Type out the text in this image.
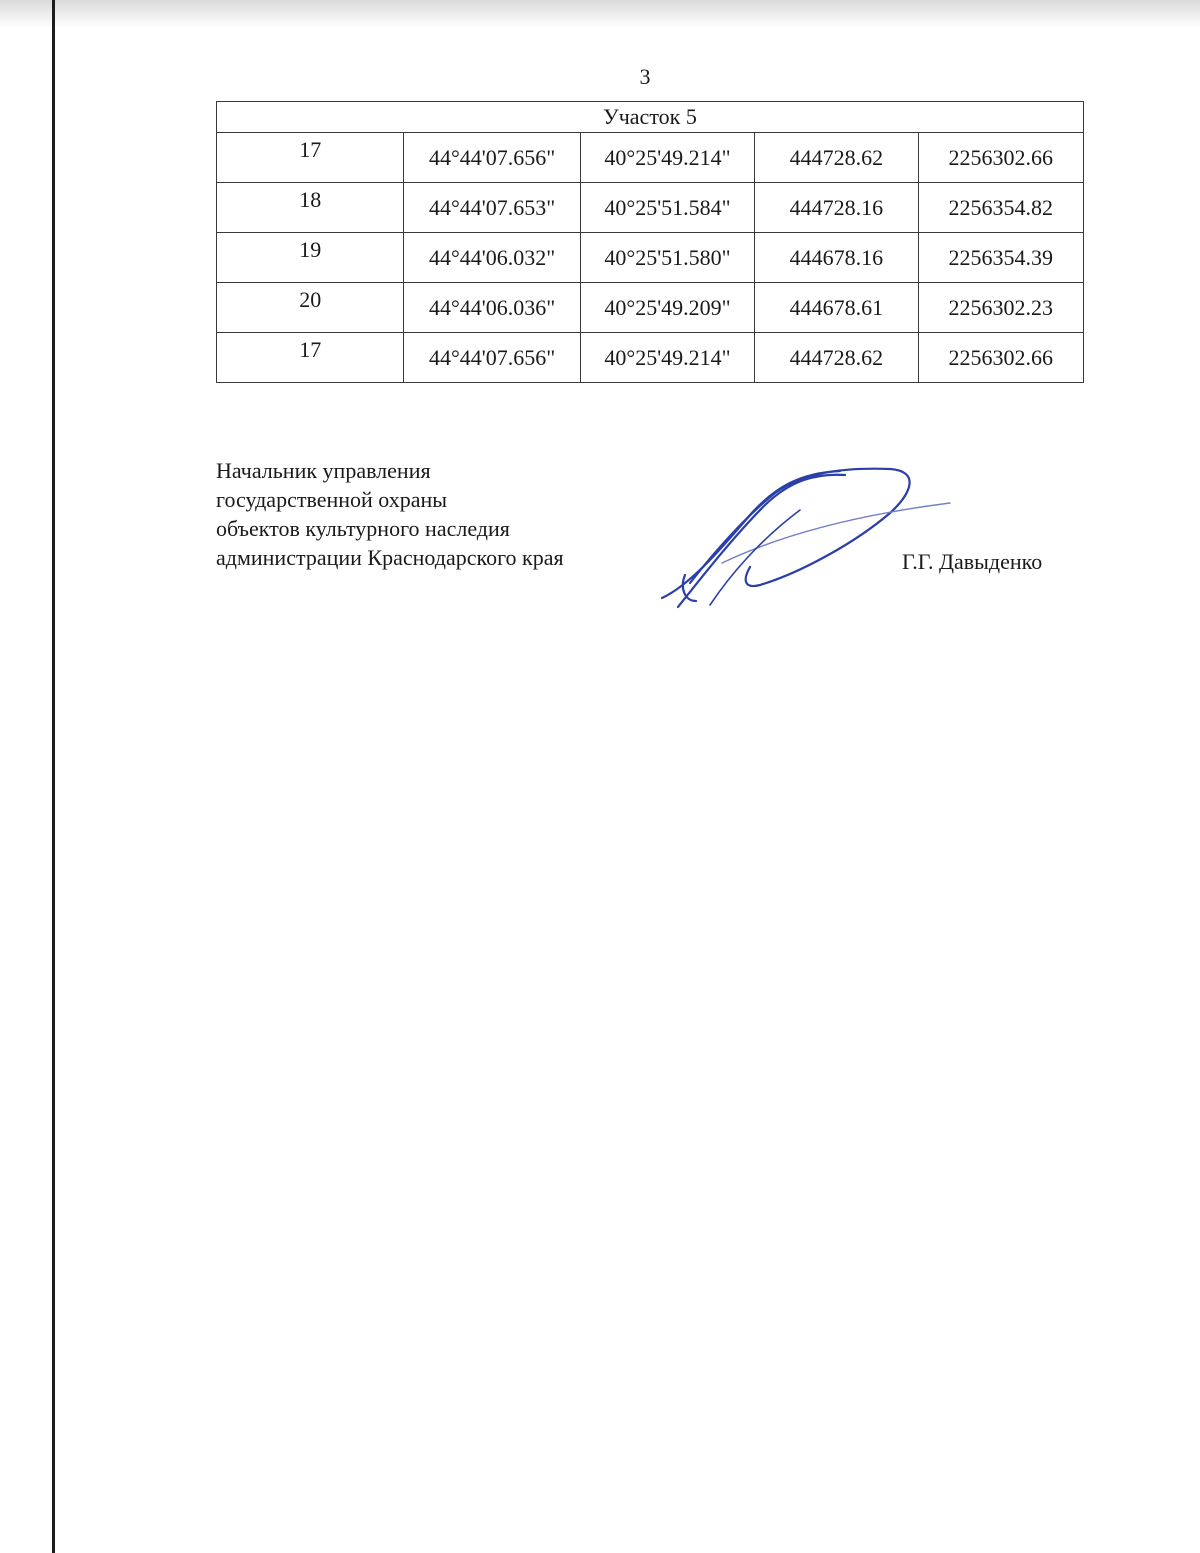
3
Участок 5				
17	44°44'07.656"	40°25'49.214"	444728.62	2256302.66
18	44°44'07.653"	40°25'51.584"	444728.16	2256354.82
19	44°44'06.032"	40°25'51.580"	444678.16	2256354.39
20	44°44'06.036"	40°25'49.209"	444678.61	2256302.23
17	44°44'07.656"	40°25'49.214"	444728.62	2256302.66
Начальник управления
государственной охраны
объектов культурного наследия
администрации Краснодарского края	Г.Г. Давыденко
